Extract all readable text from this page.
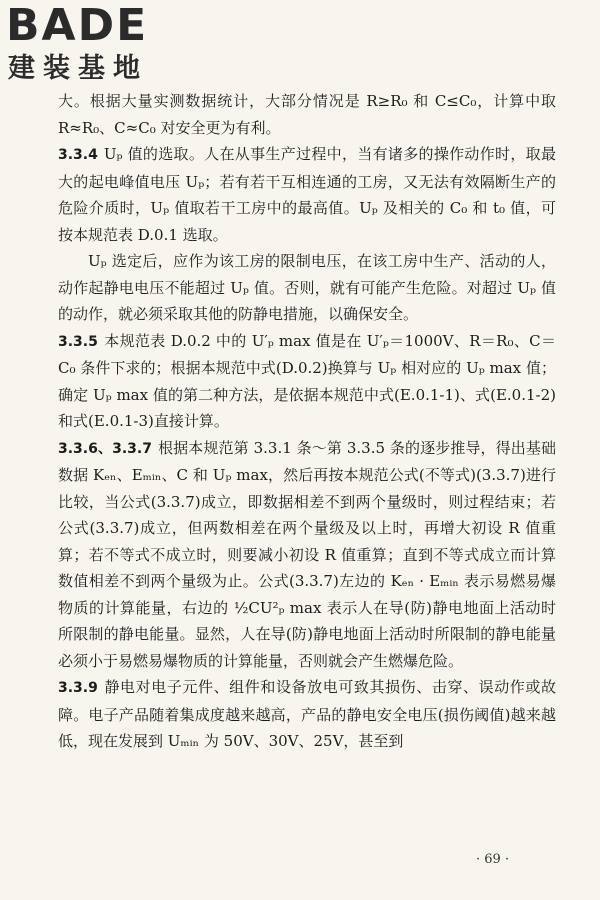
BADE
建装基地

大。根据大量实测数据统计，大部分情况是 R≥R₀ 和 C≤C₀，计算中取 R≈R₀、C≈C₀ 对安全更为有利。

3.3.4 Uₚ 值的选取。人在从事生产过程中，当有诸多的操作动作时，取最大的起电峰值电压 Uₚ；若有若干互相连通的工房，又无法有效隔断生产的危险介质时，Uₚ 值取若干工房中的最高值。Uₚ 及相关的 C₀ 和 t₀ 值，可按本规范表 D.0.1 选取。

Uₚ 选定后，应作为该工房的限制电压，在该工房中生产、活动的人，动作起静电电压不能超过 Uₚ 值。否则，就有可能产生危险。对超过 Uₚ 值的动作，就必须采取其他的防静电措施，以确保安全。

3.3.5 本规范表 D.0.2 中的 U′ₚ max 值是在 U′ₚ＝1000V、R＝R₀、C＝C₀ 条件下求的；根据本规范中式(D.0.2)换算与 Uₚ 相对应的 Uₚ max 值；确定 Uₚ max 值的第二种方法，是依据本规范中式(E.0.1-1)、式(E.0.1-2)和式(E.0.1-3)直接计算。

3.3.6、3.3.7 根据本规范第 3.3.1 条～第 3.3.5 条的逐步推导，得出基础数据 Kₑₙ、Eₘᵢₙ、C 和 Uₚ max，然后再按本规范公式(不等式)(3.3.7)进行比较，当公式(3.3.7)成立，即数据相差不到两个量级时，则过程结束；若公式(3.3.7)成立，但两数相差在两个量级及以上时，再增大初设 R 值重算；若不等式不成立时，则要减小初设 R 值重算；直到不等式成立而计算数值相差不到两个量级为止。公式(3.3.7)左边的 Kₑₙ · Eₘᵢₙ 表示易燃易爆物质的计算能量，右边的 ½CU²ₚ max 表示人在导(防)静电地面上活动时所限制的静电能量。显然，人在导(防)静电地面上活动时所限制的静电能量必须小于易燃易爆物质的计算能量，否则就会产生燃爆危险。

3.3.9 静电对电子元件、组件和设备放电可致其损伤、击穿、误动作或故障。电子产品随着集成度越来越高，产品的静电安全电压(损伤阈值)越来越低，现在发展到 Uₘᵢₙ 为 50V、30V、25V，甚至到

· 69 ·
